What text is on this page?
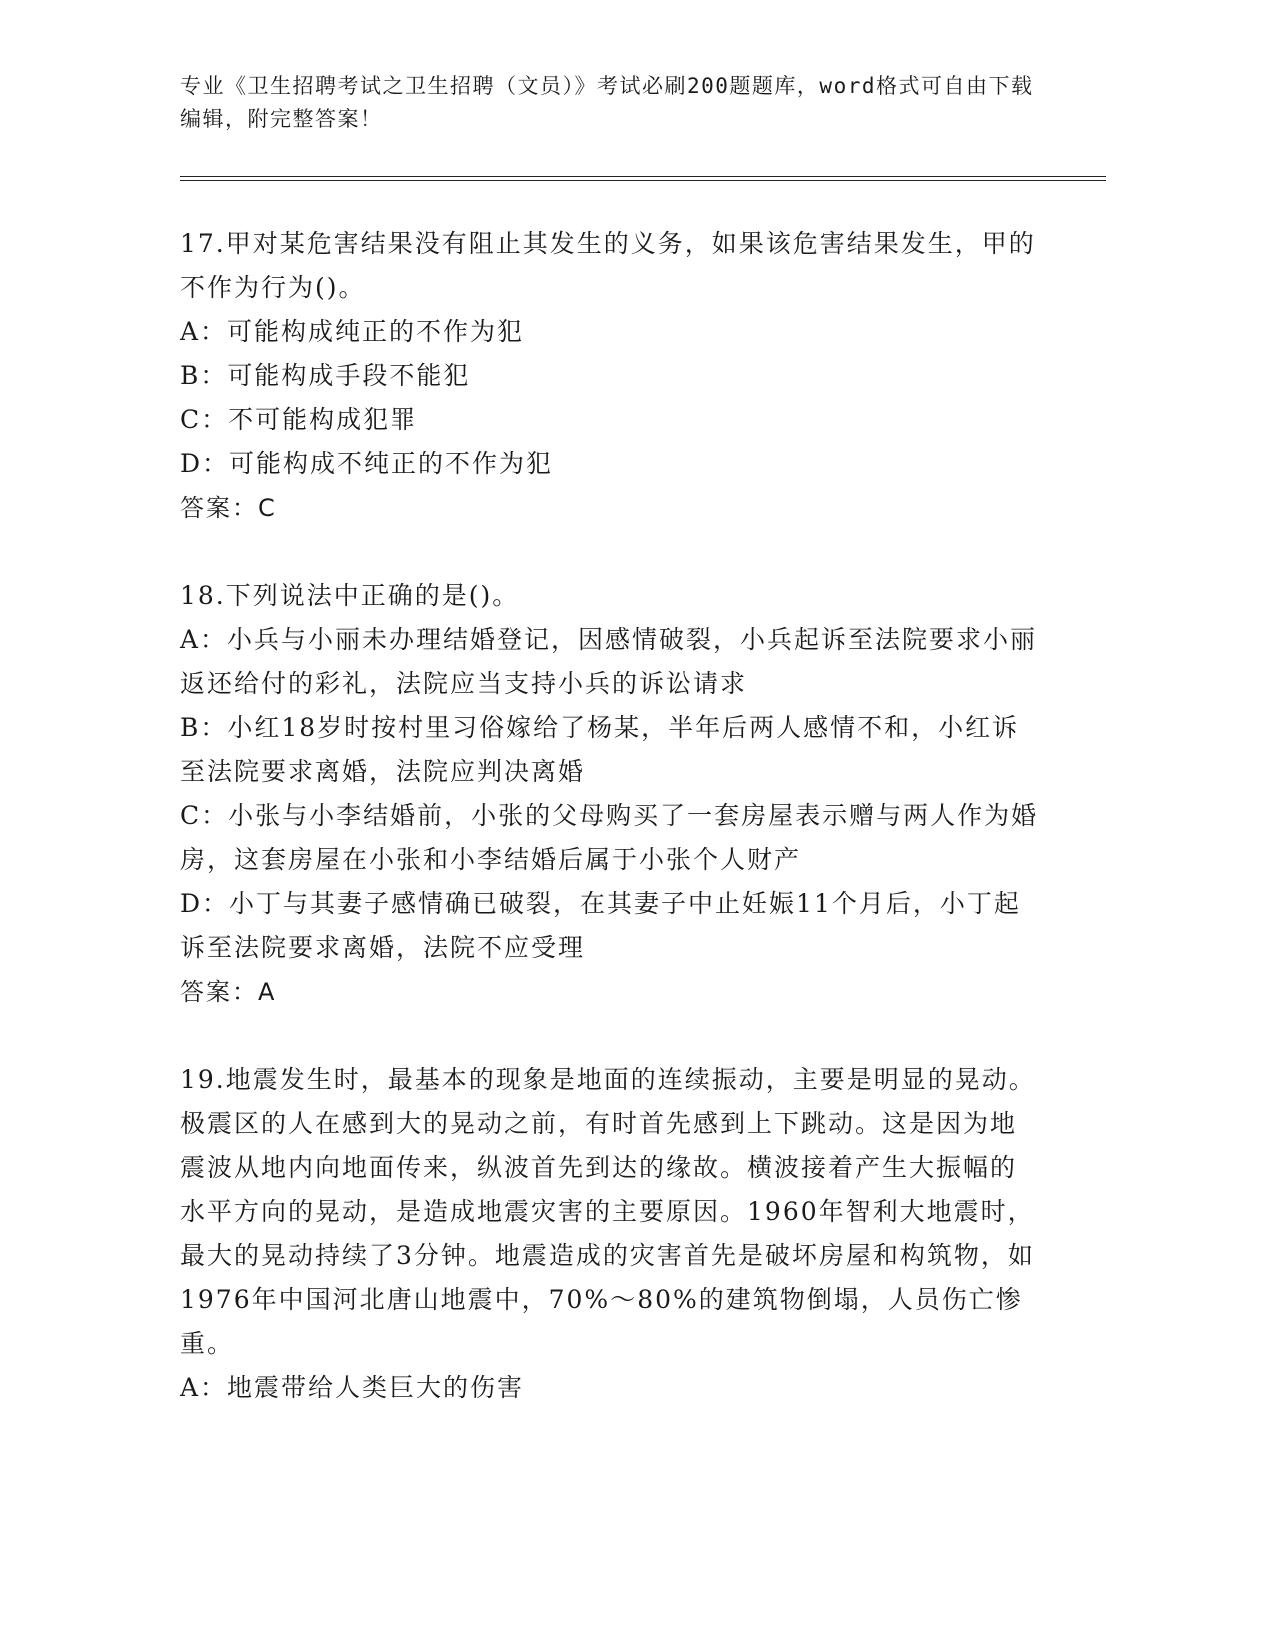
专业《卫生招聘考试之卫生招聘（文员）》考试必刷200题题库，word格式可自由下载编辑，附完整答案！

17.甲对某危害结果没有阻止其发生的义务，如果该危害结果发生，甲的不作为行为()。

A：可能构成纯正的不作为犯

B：可能构成手段不能犯

C：不可能构成犯罪

D：可能构成不纯正的不作为犯

答案：C

18.下列说法中正确的是()。

A：小兵与小丽未办理结婚登记，因感情破裂，小兵起诉至法院要求小丽返还给付的彩礼，法院应当支持小兵的诉讼请求

B：小红18岁时按村里习俗嫁给了杨某，半年后两人感情不和，小红诉至法院要求离婚，法院应判决离婚

C：小张与小李结婚前，小张的父母购买了一套房屋表示赠与两人作为婚房，这套房屋在小张和小李结婚后属于小张个人财产

D：小丁与其妻子感情确已破裂，在其妻子中止妊娠11个月后，小丁起诉至法院要求离婚，法院不应受理

答案：A

19.地震发生时，最基本的现象是地面的连续振动，主要是明显的晃动。极震区的人在感到大的晃动之前，有时首先感到上下跳动。这是因为地震波从地内向地面传来，纵波首先到达的缘故。横波接着产生大振幅的水平方向的晃动，是造成地震灾害的主要原因。1960年智利大地震时，最大的晃动持续了3分钟。地震造成的灾害首先是破坏房屋和构筑物，如1976年中国河北唐山地震中，70%～80%的建筑物倒塌，人员伤亡惨重。

A：地震带给人类巨大的伤害
